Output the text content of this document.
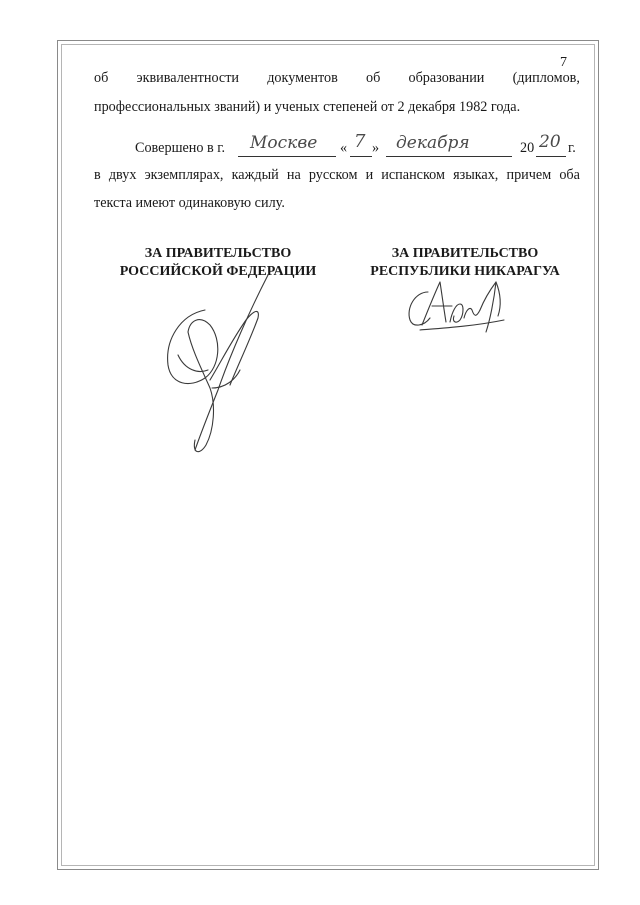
7
об эквивалентности документов об образовании (дипломов,
профессиональных званий) и ученых степеней от 2 декабря 1982 года.
Совершено в г. Москве « 7 » декабря	20 20 г.
в двух экземплярах, каждый на русском и испанском языках, причем оба
текста имеют одинаковую силу.
ЗА ПРАВИТЕЛЬСТВО
РОССИЙСКОЙ ФЕДЕРАЦИИ
ЗА ПРАВИТЕЛЬСТВО
РЕСПУБЛИКИ НИКАРАГУА
